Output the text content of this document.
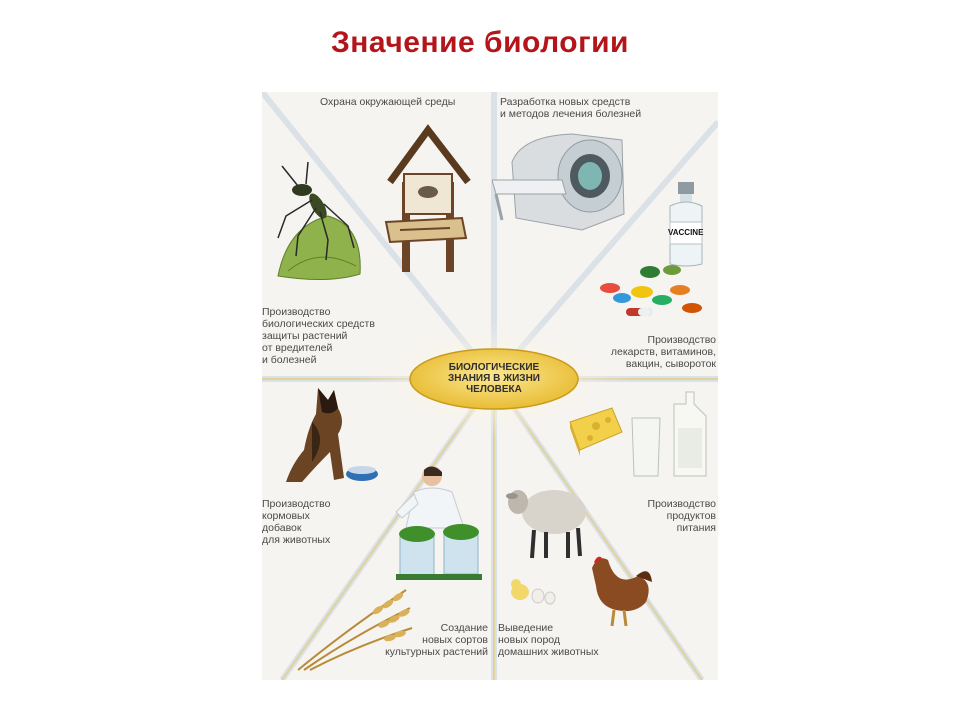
Значение биологии
Охрана окружающей среды	Разработка новых средств
и методов лечения болезней
Производство
биологических средств
защиты растений
от вредителей
и болезней
Производство
лекарств, витаминов,
вакцин, сывороток
Производство
кормовых
добавок
для животных
Производство
продуктов
питания
Создание
новых сортов
культурных растений
Выведение
новых пород
домашних животных
БИОЛОГИЧЕСКИЕ
ЗНАНИЯ В ЖИЗНИ
ЧЕЛОВЕКА
VACCINE
